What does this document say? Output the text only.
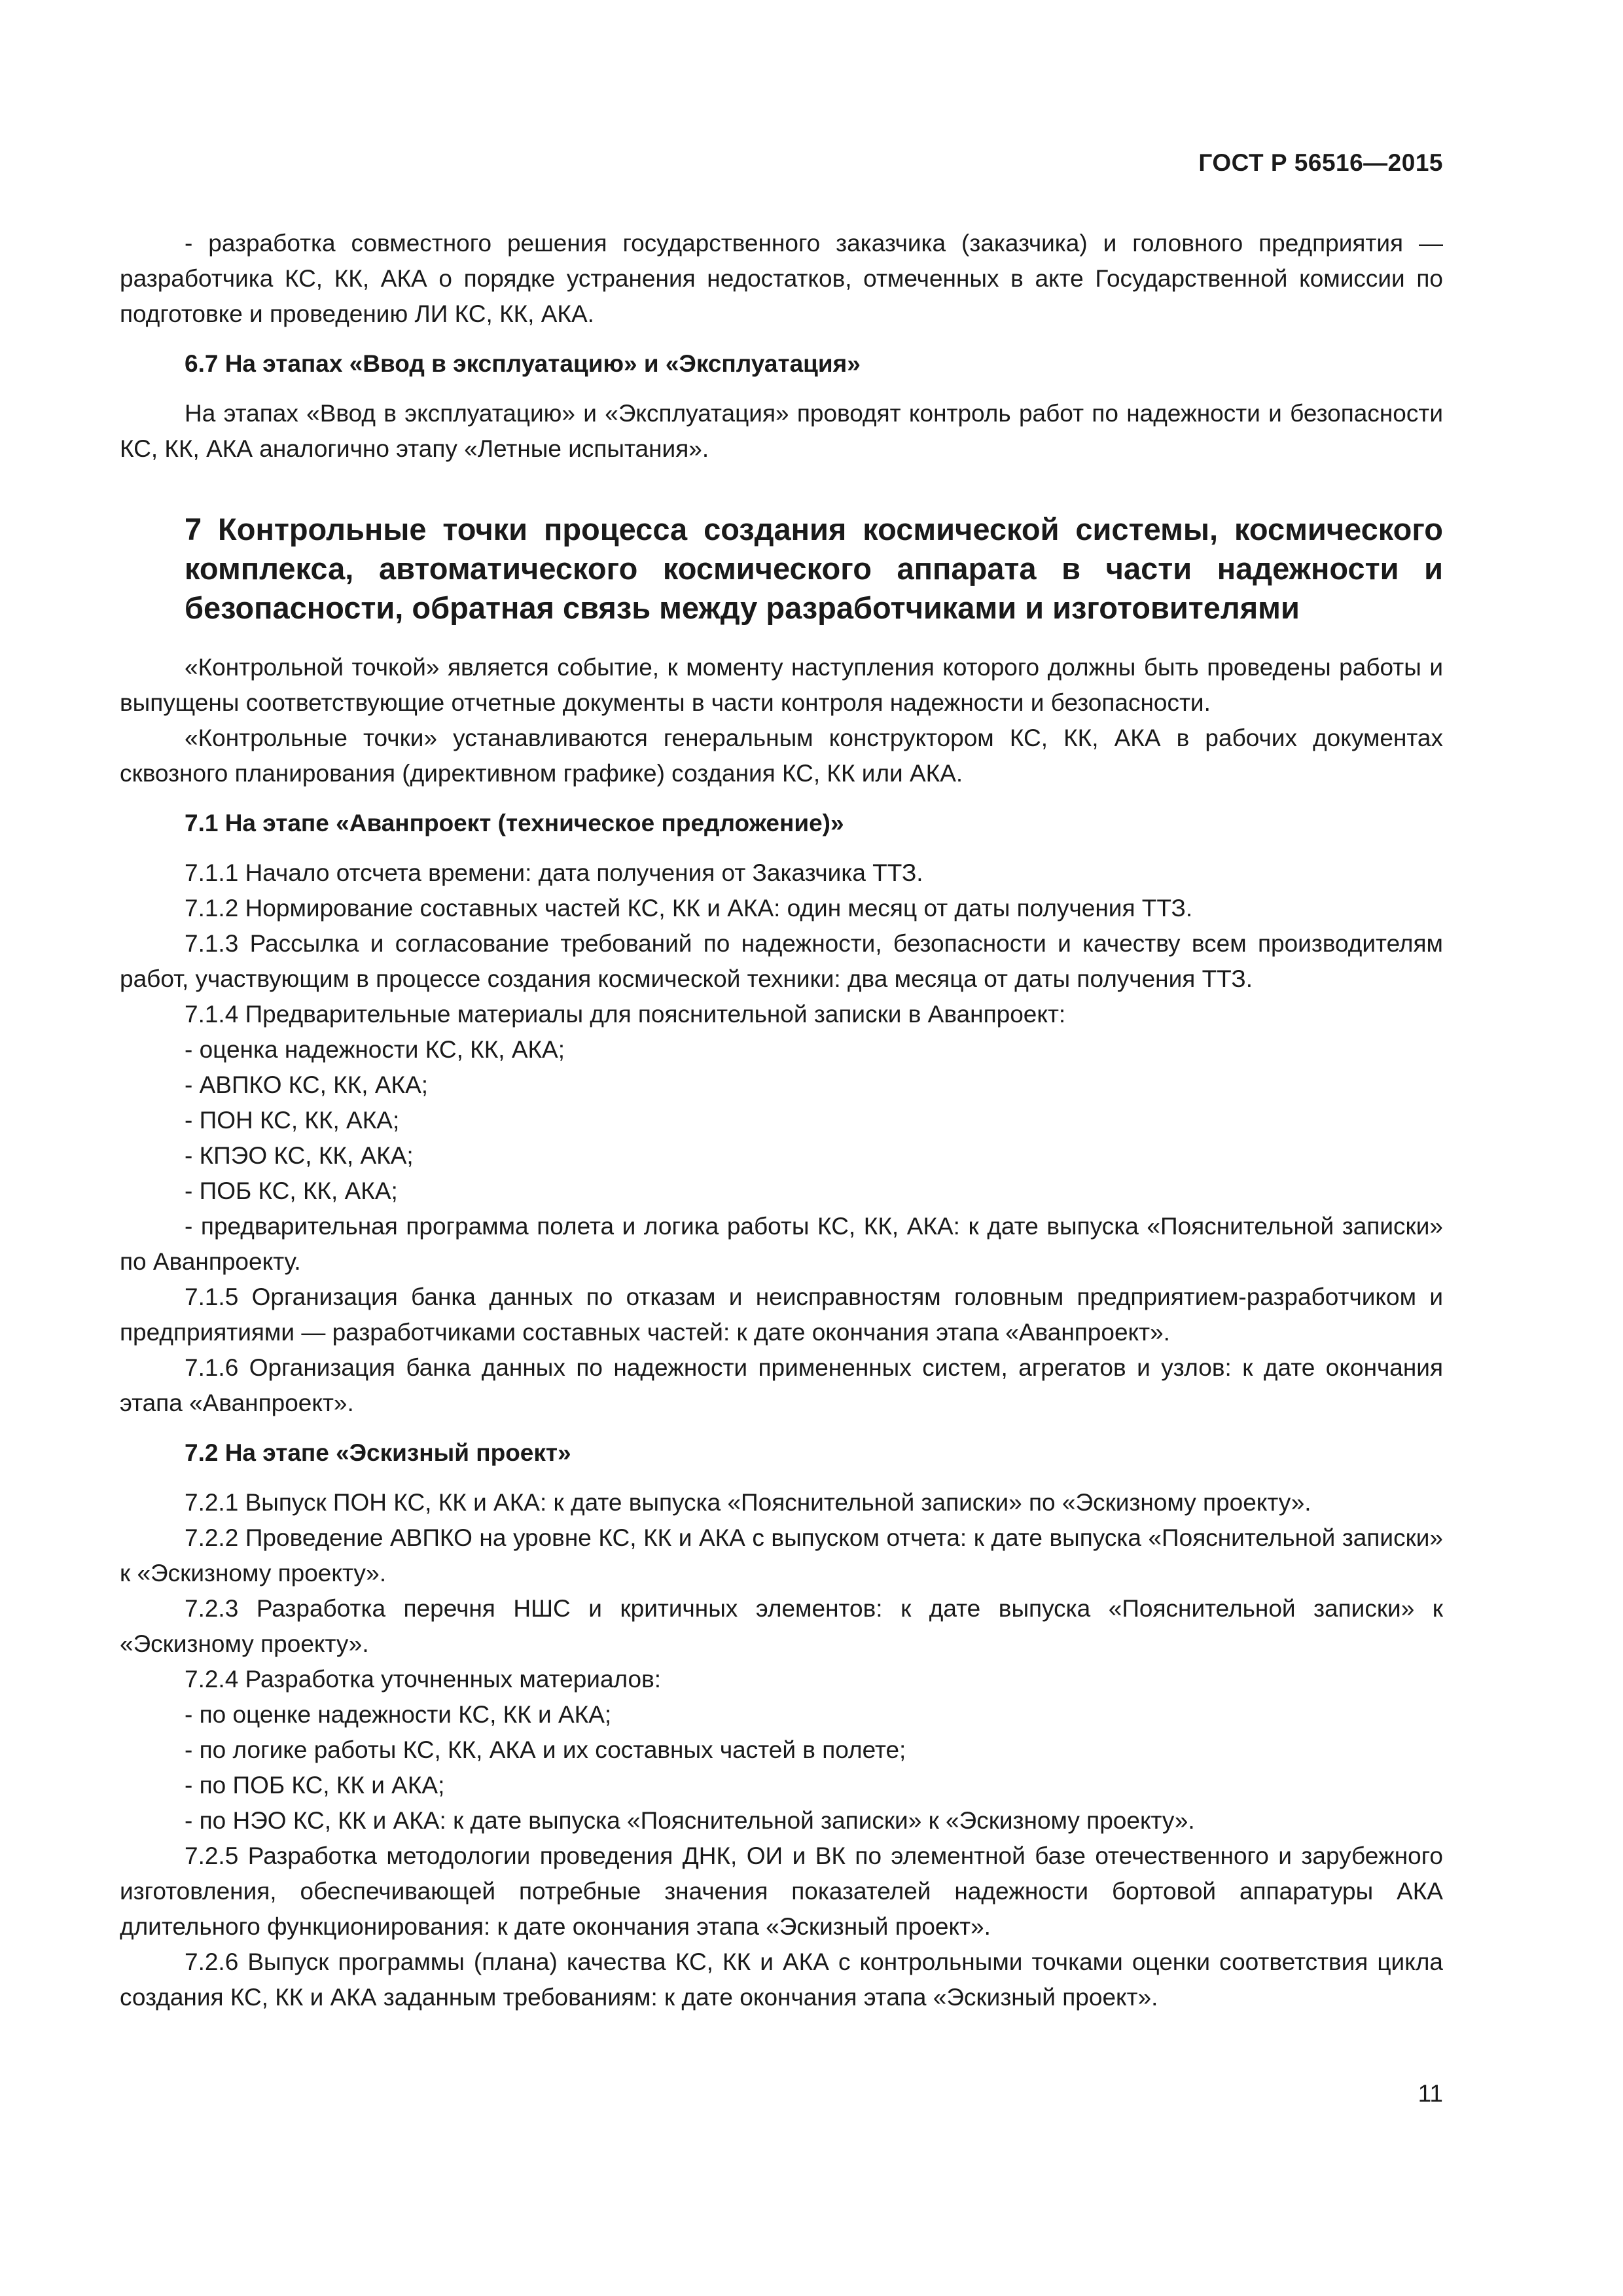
ГОСТ Р 56516—2015

- разработка совместного решения государственного заказчика (заказчика) и головного предприятия — разработчика КС, КК, АКА о порядке устранения недостатков, отмеченных в акте Государственной комиссии по подготовке и проведению ЛИ КС, КК, АКА.

6.7 На этапах «Ввод в эксплуатацию» и «Эксплуатация»

На этапах «Ввод в эксплуатацию» и «Эксплуатация» проводят контроль работ по надежности и безопасности КС, КК, АКА аналогично этапу «Летные испытания».

7 Контрольные точки процесса создания космической системы, космического комплекса, автоматического космического аппарата в части надежности и безопасности, обратная связь между разработчиками и изготовителями

«Контрольной точкой» является событие, к моменту наступления которого должны быть проведены работы и выпущены соответствующие отчетные документы в части контроля надежности и безопасности.

«Контрольные точки» устанавливаются генеральным конструктором КС, КК, АКА в рабочих документах сквозного планирования (директивном графике) создания КС, КК или АКА.

7.1 На этапе «Аванпроект (техническое предложение)»

7.1.1 Начало отсчета времени: дата получения от Заказчика ТТЗ.

7.1.2 Нормирование составных частей КС, КК и АКА: один месяц от даты получения ТТЗ.

7.1.3 Рассылка и согласование требований по надежности, безопасности и качеству всем производителям работ, участвующим в процессе создания космической техники: два месяца от даты получения ТТЗ.

7.1.4 Предварительные материалы для пояснительной записки в Аванпроект:

- оценка надежности КС, КК, АКА;

- АВПКО КС, КК, АКА;

- ПОН КС, КК, АКА;

- КПЭО КС, КК, АКА;

- ПОБ КС, КК, АКА;

- предварительная программа полета и логика работы КС, КК, АКА: к дате выпуска «Пояснительной записки» по Аванпроекту.

7.1.5 Организация банка данных по отказам и неисправностям головным предприятием-разработчиком и предприятиями — разработчиками составных частей: к дате окончания этапа «Аванпроект».

7.1.6 Организация банка данных по надежности примененных систем, агрегатов и узлов: к дате окончания этапа «Аванпроект».

7.2 На этапе «Эскизный проект»

7.2.1 Выпуск ПОН КС, КК и АКА: к дате выпуска «Пояснительной записки» по «Эскизному проекту».

7.2.2 Проведение АВПКО на уровне КС, КК и АКА с выпуском отчета: к дате выпуска «Пояснительной записки» к «Эскизному проекту».

7.2.3 Разработка перечня НШС и критичных элементов: к дате выпуска «Пояснительной записки» к «Эскизному проекту».

7.2.4 Разработка уточненных материалов:

- по оценке надежности КС, КК и АКА;

- по логике работы КС, КК, АКА и их составных частей в полете;

- по ПОБ КС, КК и АКА;

- по НЭО КС, КК и АКА: к дате выпуска «Пояснительной записки» к «Эскизному проекту».

7.2.5 Разработка методологии проведения ДНК, ОИ и ВК по элементной базе отечественного и зарубежного изготовления, обеспечивающей потребные значения показателей надежности бортовой аппаратуры АКА длительного функционирования: к дате окончания этапа «Эскизный проект».

7.2.6 Выпуск программы (плана) качества КС, КК и АКА с контрольными точками оценки соответствия цикла создания КС, КК и АКА заданным требованиям: к дате окончания этапа «Эскизный проект».

11
